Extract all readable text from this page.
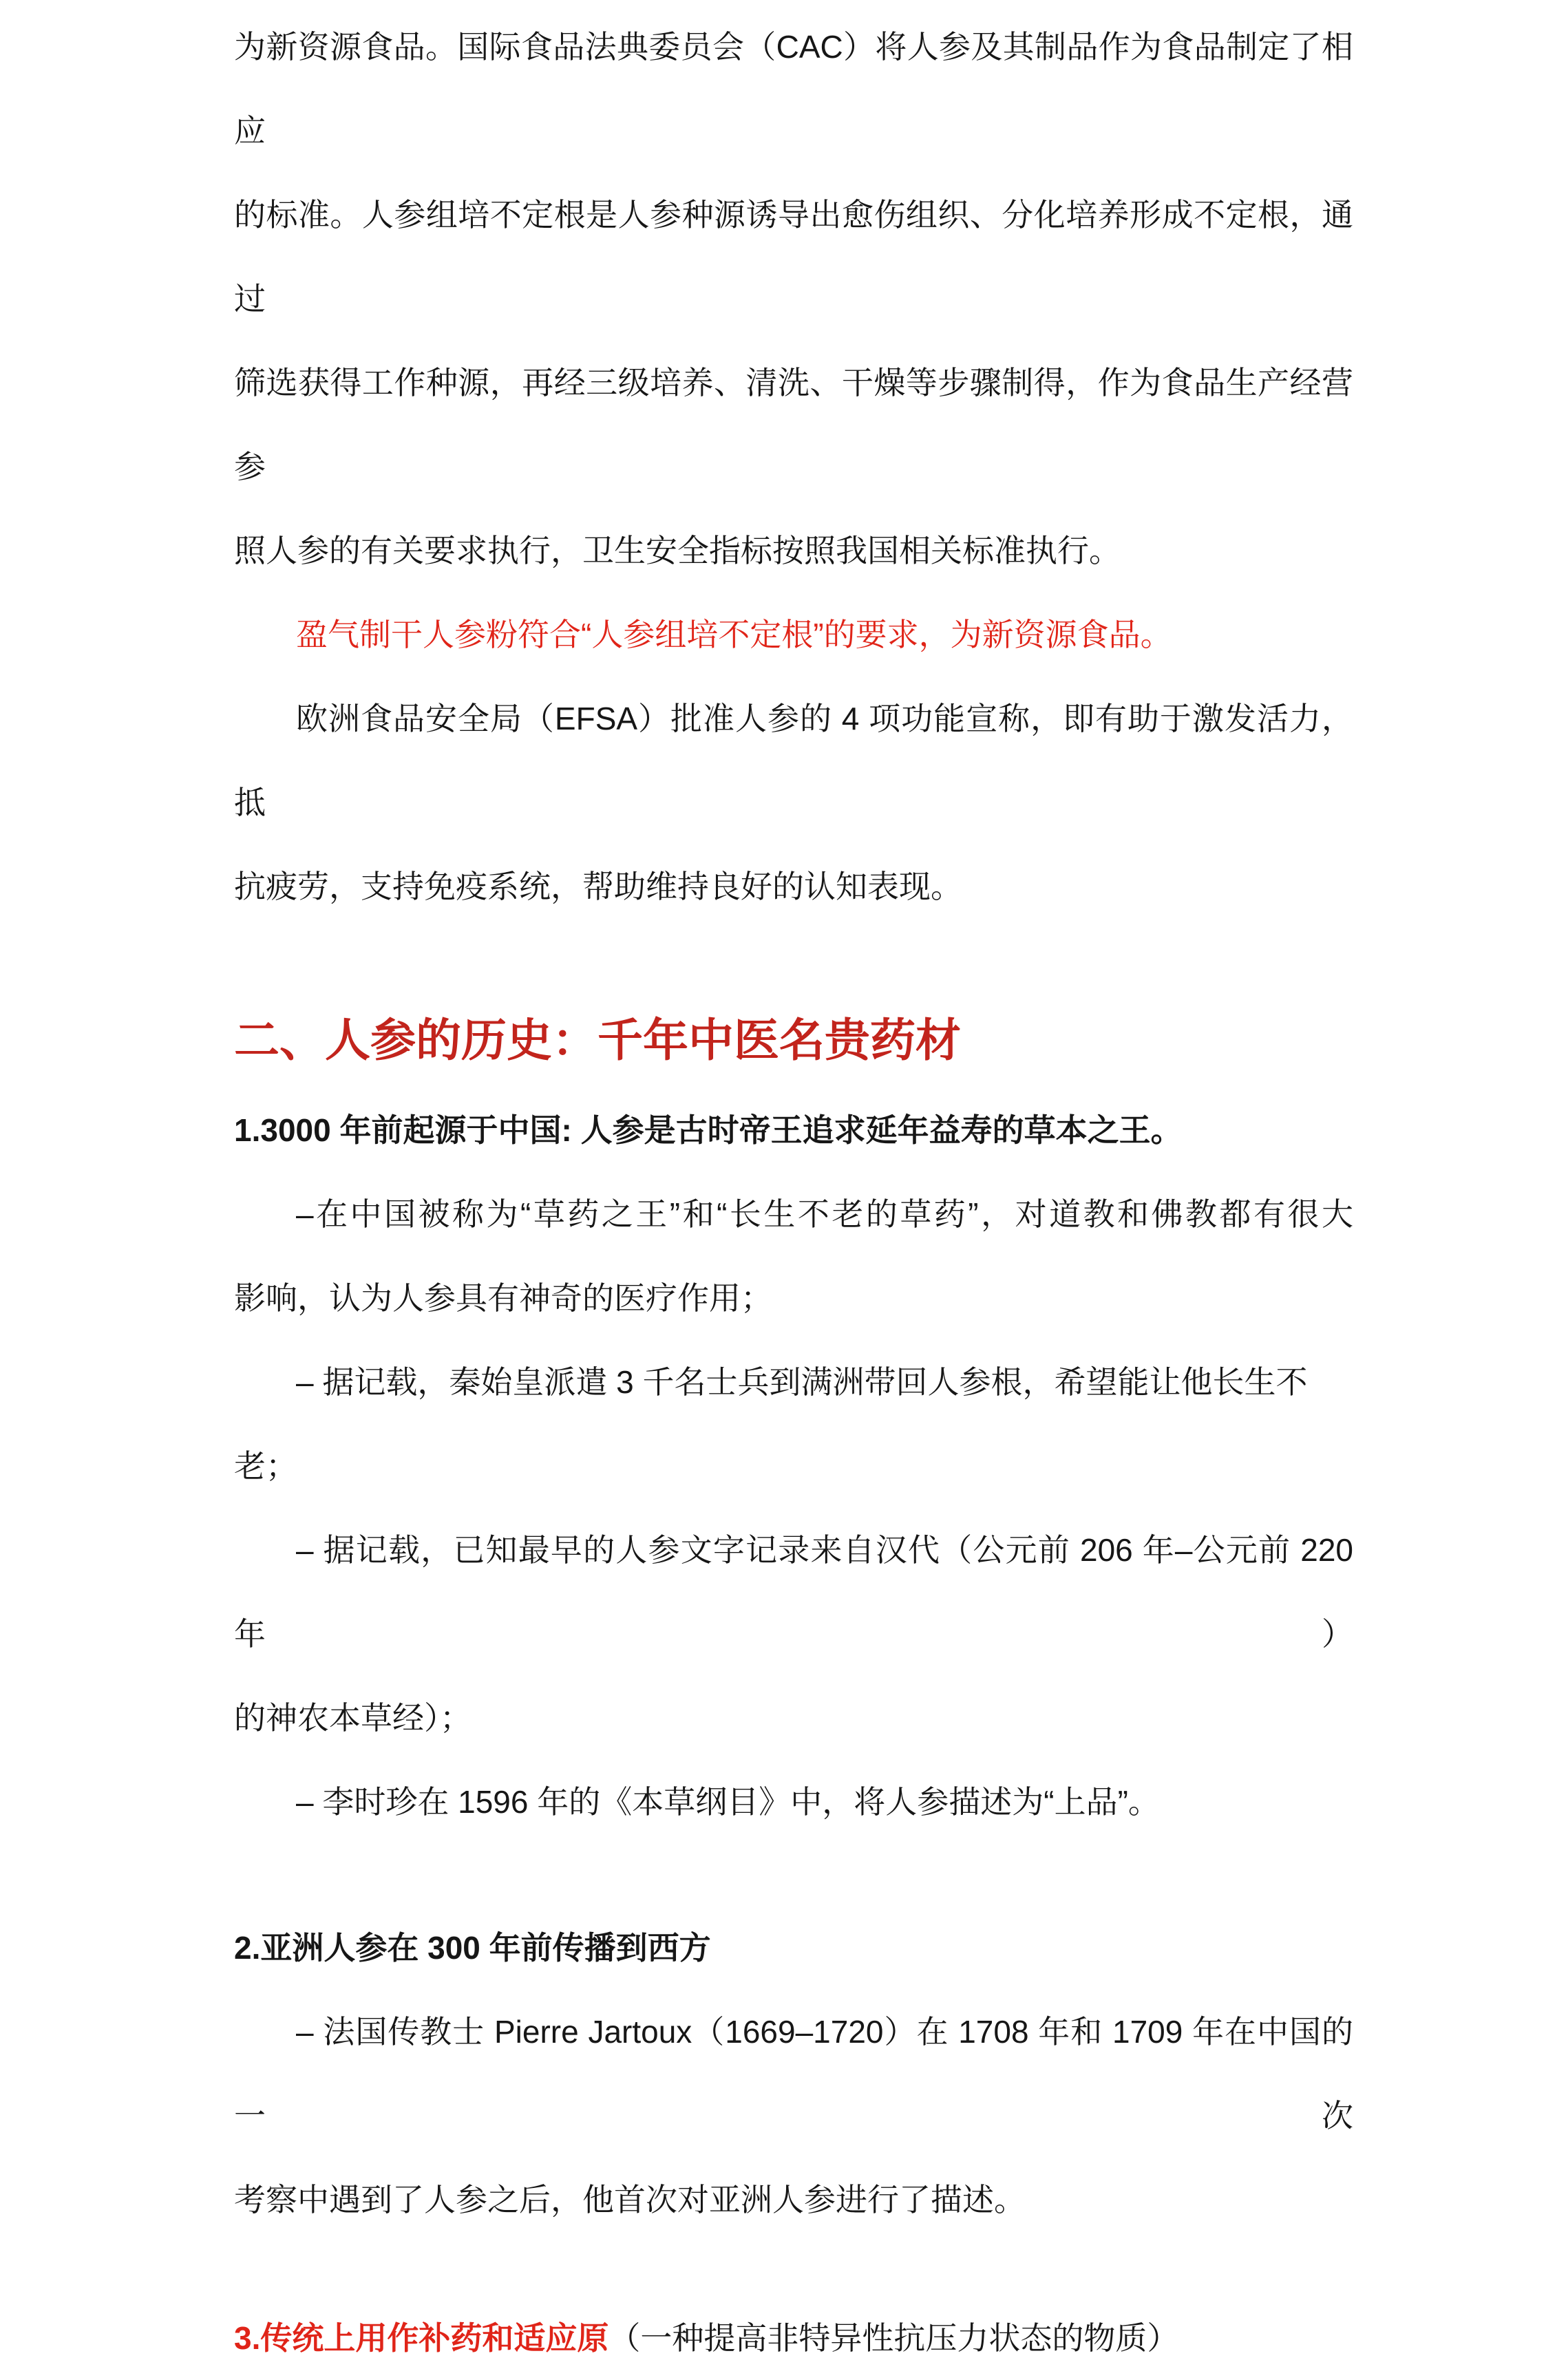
为新资源食品。国际食品法典委员会（CAC）将人参及其制品作为食品制定了相应
的标准。人参组培不定根是人参种源诱导出愈伤组织、分化培养形成不定根，通过
筛选获得工作种源，再经三级培养、清洗、干燥等步骤制得，作为食品生产经营参
照人参的有关要求执行，卫生安全指标按照我国相关标准执行。
盈气制干人参粉符合“人参组培不定根”的要求，为新资源食品。
欧洲食品安全局（EFSA）批准人参的 4 项功能宣称，即有助于激发活力，抵
抗疲劳，支持免疫系统，帮助维持良好的认知表现。
二、人参的历史：千年中医名贵药材
1.3000 年前起源于中国: 人参是古时帝王追求延年益寿的草本之王。
–在中国被称为“草药之王”和“长生不老的草药”，对道教和佛教都有很大
影响，认为人参具有神奇的医疗作用；
– 据记载，秦始皇派遣 3 千名士兵到满洲带回人参根，希望能让他长生不老；
– 据记载，已知最早的人参文字记录来自汉代（公元前 206 年–公元前 220 年）
的神农本草经）；
– 李时珍在 1596 年的《本草纲目》中，将人参描述为“上品”。
2.亚洲人参在 300 年前传播到西方
– 法国传教士 Pierre Jartoux（1669–1720）在 1708 年和 1709 年在中国的一次
考察中遇到了人参之后，他首次对亚洲人参进行了描述。
3.传统上用作补药和适应原（一种提高非特异性抗压力状态的物质）
